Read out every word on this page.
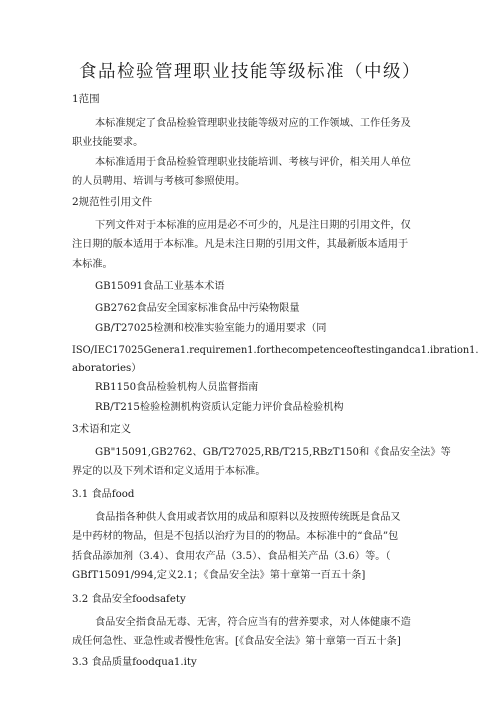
食品检验管理职业技能等级标准（中级）
1范围
本标准规定了食品检验管理职业技能等级对应的工作领域、工作任务及
职业技能要求。
本标准适用于食品检验管理职业技能培训、考核与评价，相关用人单位
的人员聘用、培训与考核可参照使用。
2规范性引用文件
下列文件对于本标准的应用是必不可少的，凡是注日期的引用文件，仅
注日期的版本适用于本标准。凡是未注日期的引用文件，其最新版本适用于
本标准。
GB15091食品工业基本术语
GB2762食品安全国家标准食品中污染物限量
GB/T27025检测和校准实验室能力的通用要求（同
ISO/IEC17025Genera1.requiremen1.forthecompetenceoftestingandca1.ibration1.
aboratories）
RB1150食品检验机构人员监督指南
RB/T215检验检测机构资质认定能力评价食品检验机构
3术语和定义
GB"15091,GB2762、GB/T27025,RB/T215,RBzT150和《食品安全法》等
界定的以及下列术语和定义适用于本标准。
3.1 食品food
食品指各种供人食用或者饮用的成品和原料以及按照传统既是食品又
是中药材的物品，但是不包括以治疗为目的的物品。本标准中的“食品”包
括食品添加剂（3.4）、食用农产品（3.5）、食品相关产品（3.6）等。（
GBfT15091/994,定义2.1；《食品安全法》第十章第一百五十条]
3.2 食品安全foodsafety
食品安全指食品无毒、无害，符合应当有的营养要求，对人体健康不造
成任何急性、亚急性或者慢性危害。[《食品安全法》第十章第一百五十条]
3.3 食品质量foodqua1.ity
